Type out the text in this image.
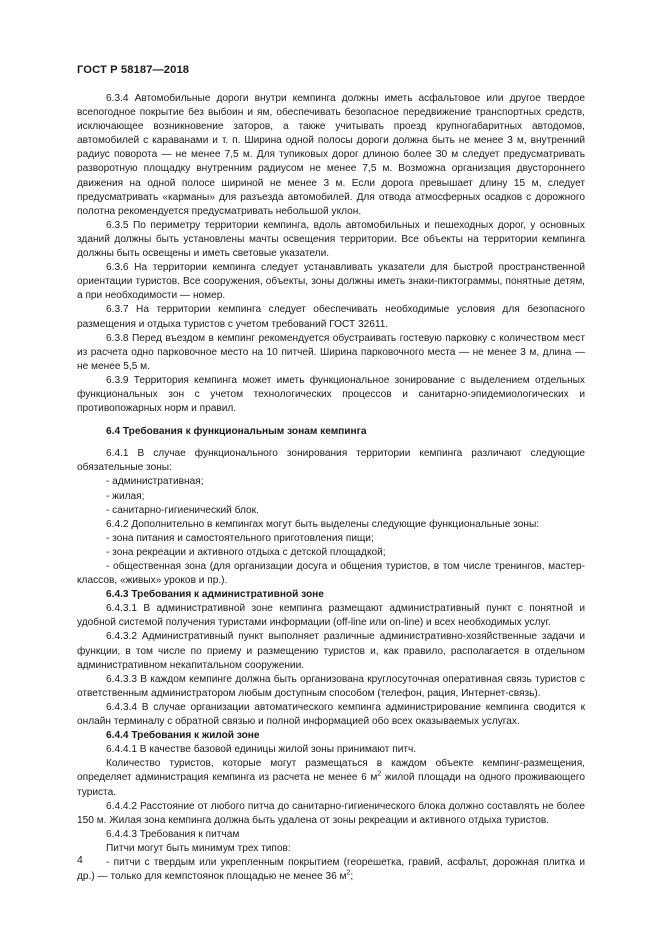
ГОСТ Р 58187—2018

6.3.4 Автомобильные дороги внутри кемпинга должны иметь асфальтовое или другое твердое всепогодное покрытие без выбоин и ям, обеспечивать безопасное передвижение транспортных средств, исключающее возникновение заторов, а также учитывать проезд крупногабаритных автодомов, автомобилей с караванами и т. п. Ширина одной полосы дороги должна быть не менее 3 м, внутренний радиус поворота — не менее 7,5 м. Для тупиковых дорог длиною более 30 м следует предусматривать разворотную площадку внутренним радиусом не менее 7,5 м. Возможна организация двустороннего движения на одной полосе шириной не менее 3 м. Если дорога превышает длину 15 м, следует предусматривать «карманы» для разъезда автомобилей. Для отвода атмосферных осадков с дорожного полотна рекомендуется предусматривать небольшой уклон.

6.3.5 По периметру территории кемпинга, вдоль автомобильных и пешеходных дорог, у основных зданий должны быть установлены мачты освещения территории. Все объекты на территории кемпинга должны быть освещены и иметь световые указатели.

6.3.6 На территории кемпинга следует устанавливать указатели для быстрой пространственной ориентации туристов. Все сооружения, объекты, зоны должны иметь знаки-пиктограммы, понятные детям, а при необходимости — номер.

6.3.7 На территории кемпинга следует обеспечивать необходимые условия для безопасного размещения и отдыха туристов с учетом требований ГОСТ 32611.

6.3.8 Перед въездом в кемпинг рекомендуется обустраивать гостевую парковку с количеством мест из расчета одно парковочное место на 10 питчей. Ширина парковочного места — не менее 3 м, длина — не менее 5,5 м.

6.3.9 Территория кемпинга может иметь функциональное зонирование с выделением отдельных функциональных зон с учетом технологических процессов и санитарно-эпидемиологических и противопожарных норм и правил.

6.4 Требования к функциональным зонам кемпинга

6.4.1 В случае функционального зонирования территории кемпинга различают следующие обязательные зоны:

- административная;

- жилая;

- санитарно-гигиенический блок.

6.4.2 Дополнительно в кемпингах могут быть выделены следующие функциональные зоны:

- зона питания и самостоятельного приготовления пищи;

- зона рекреации и активного отдыха с детской площадкой;

- общественная зона (для организации досуга и общения туристов, в том числе тренингов, мастер-классов, «живых» уроков и пр.).

6.4.3 Требования к административной зоне

6.4.3.1 В административной зоне кемпинга размещают административный пункт с понятной и удобной системой получения туристами информации (off-line или on-line) и всех необходимых услуг.

6.4.3.2 Административный пункт выполняет различные административно-хозяйственные задачи и функции, в том числе по приему и размещению туристов и, как правило, располагается в отдельном административном некапитальном сооружении.

6.4.3.3 В каждом кемпинге должна быть организована круглосуточная оперативная связь туристов с ответственным администратором любым доступным способом (телефон, рация, Интернет-связь).

6.4.3.4 В случае организации автоматического кемпинга администрирование кемпинга сводится к онлайн терминалу с обратной связью и полной информацией обо всех оказываемых услугах.

6.4.4 Требования к жилой зоне

6.4.4.1 В качестве базовой единицы жилой зоны принимают питч.

Количество туристов, которые могут размещаться в каждом объекте кемпинг-размещения, определяет администрация кемпинга из расчета не менее 6 $м^2$ жилой площади на одного проживающего туриста.

6.4.4.2 Расстояние от любого питча до санитарно-гигиенического блока должно составлять не более 150 м. Жилая зона кемпинга должна быть удалена от зоны рекреации и активного отдыха туристов.

6.4.4.3 Требования к питчам

Питчи могут быть минимум трех типов:

- питчи с твердым или укрепленным покрытием (георешетка, гравий, асфальт, дорожная плитка и др.) — только для кемпстоянок площадью не менее 36 $м^2$;

4
